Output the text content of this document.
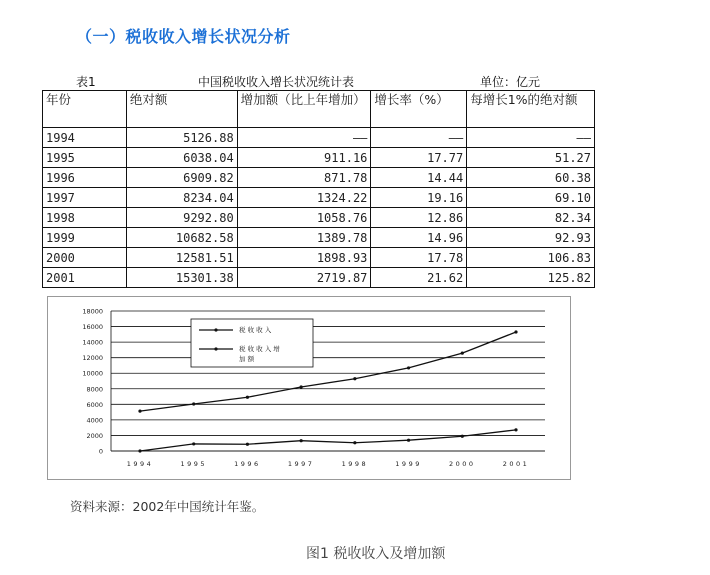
（一）税收收入增长状况分析
表1	中国税收收入增长状况统计表	单位：亿元
年份	绝对额	增加额（比上年增加）	增长率（%）	每增长1%的绝对额
1994	5126.88	——	——	——
1995	6038.04	911.16	17.77	51.27
1996	6909.82	871.78	14.44	60.38
1997	8234.04	1324.22	19.16	69.10
1998	9292.80	1058.76	12.86	82.34
1999	10682.58	1389.78	14.96	92.93
2000	12581.51	1898.93	17.78	106.83
2001	15301.38	2719.87	21.62	125.82
18000
16000
14000
12000
10000
8000
6000
4000
2000
0
1994	1995	1996	1997	1998	1999	2000	2001
税 收 收 入
税 收 收 入 增
加 额
资料来源：2002年中国统计年鉴。
图1 税收收入及增加额
